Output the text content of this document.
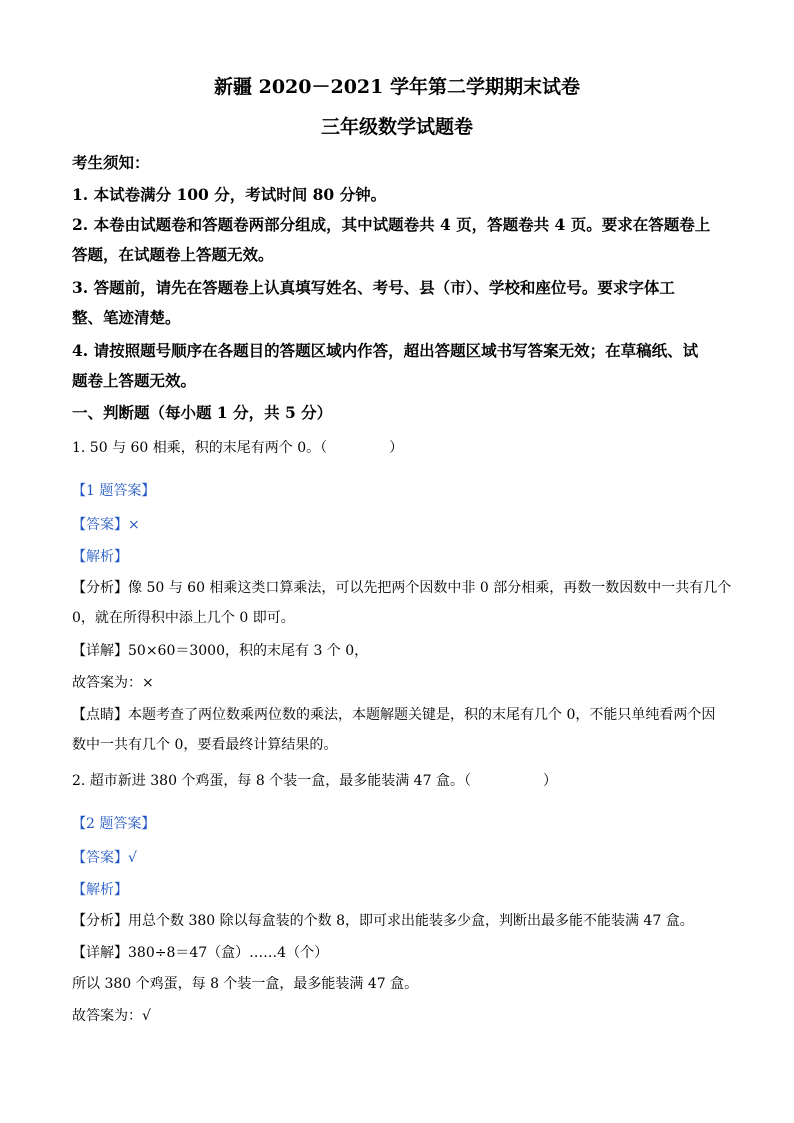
新疆 2020－2021 学年第二学期期末试卷
三年级数学试题卷
考生须知：
1. 本试卷满分 100 分，考试时间 80 分钟。
2. 本卷由试题卷和答题卷两部分组成，其中试题卷共 4 页，答题卷共 4 页。要求在答题卷上
答题，在试题卷上答题无效。
3. 答题前，请先在答题卷上认真填写姓名、考号、县（市）、学校和座位号。要求字体工
整、笔迹清楚。
4. 请按照题号顺序在各题目的答题区域内作答，超出答题区域书写答案无效；在草稿纸、试
题卷上答题无效。
一、判断题（每小题 1 分，共 5 分）
1. 50 与 60 相乘，积的末尾有两个 0。（	）
【1 题答案】
【答案】×
【解析】
【分析】像 50 与 60 相乘这类口算乘法，可以先把两个因数中非 0 部分相乘，再数一数因数中一共有几个
0，就在所得积中添上几个 0 即可。
【详解】50×60＝3000，积的末尾有 3 个 0，
故答案为：×
【点睛】本题考查了两位数乘两位数的乘法，本题解题关键是，积的末尾有几个 0，不能只单纯看两个因
数中一共有几个 0，要看最终计算结果的。
2. 超市新进 380 个鸡蛋，每 8 个装一盒，最多能装满 47 盒。（	）
【2 题答案】
【答案】√
【解析】
【分析】用总个数 380 除以每盒装的个数 8，即可求出能装多少盒，判断出最多能不能装满 47 盒。
【详解】380÷8＝47（盒）……4（个）
所以 380 个鸡蛋，每 8 个装一盒，最多能装满 47 盒。
故答案为：√
